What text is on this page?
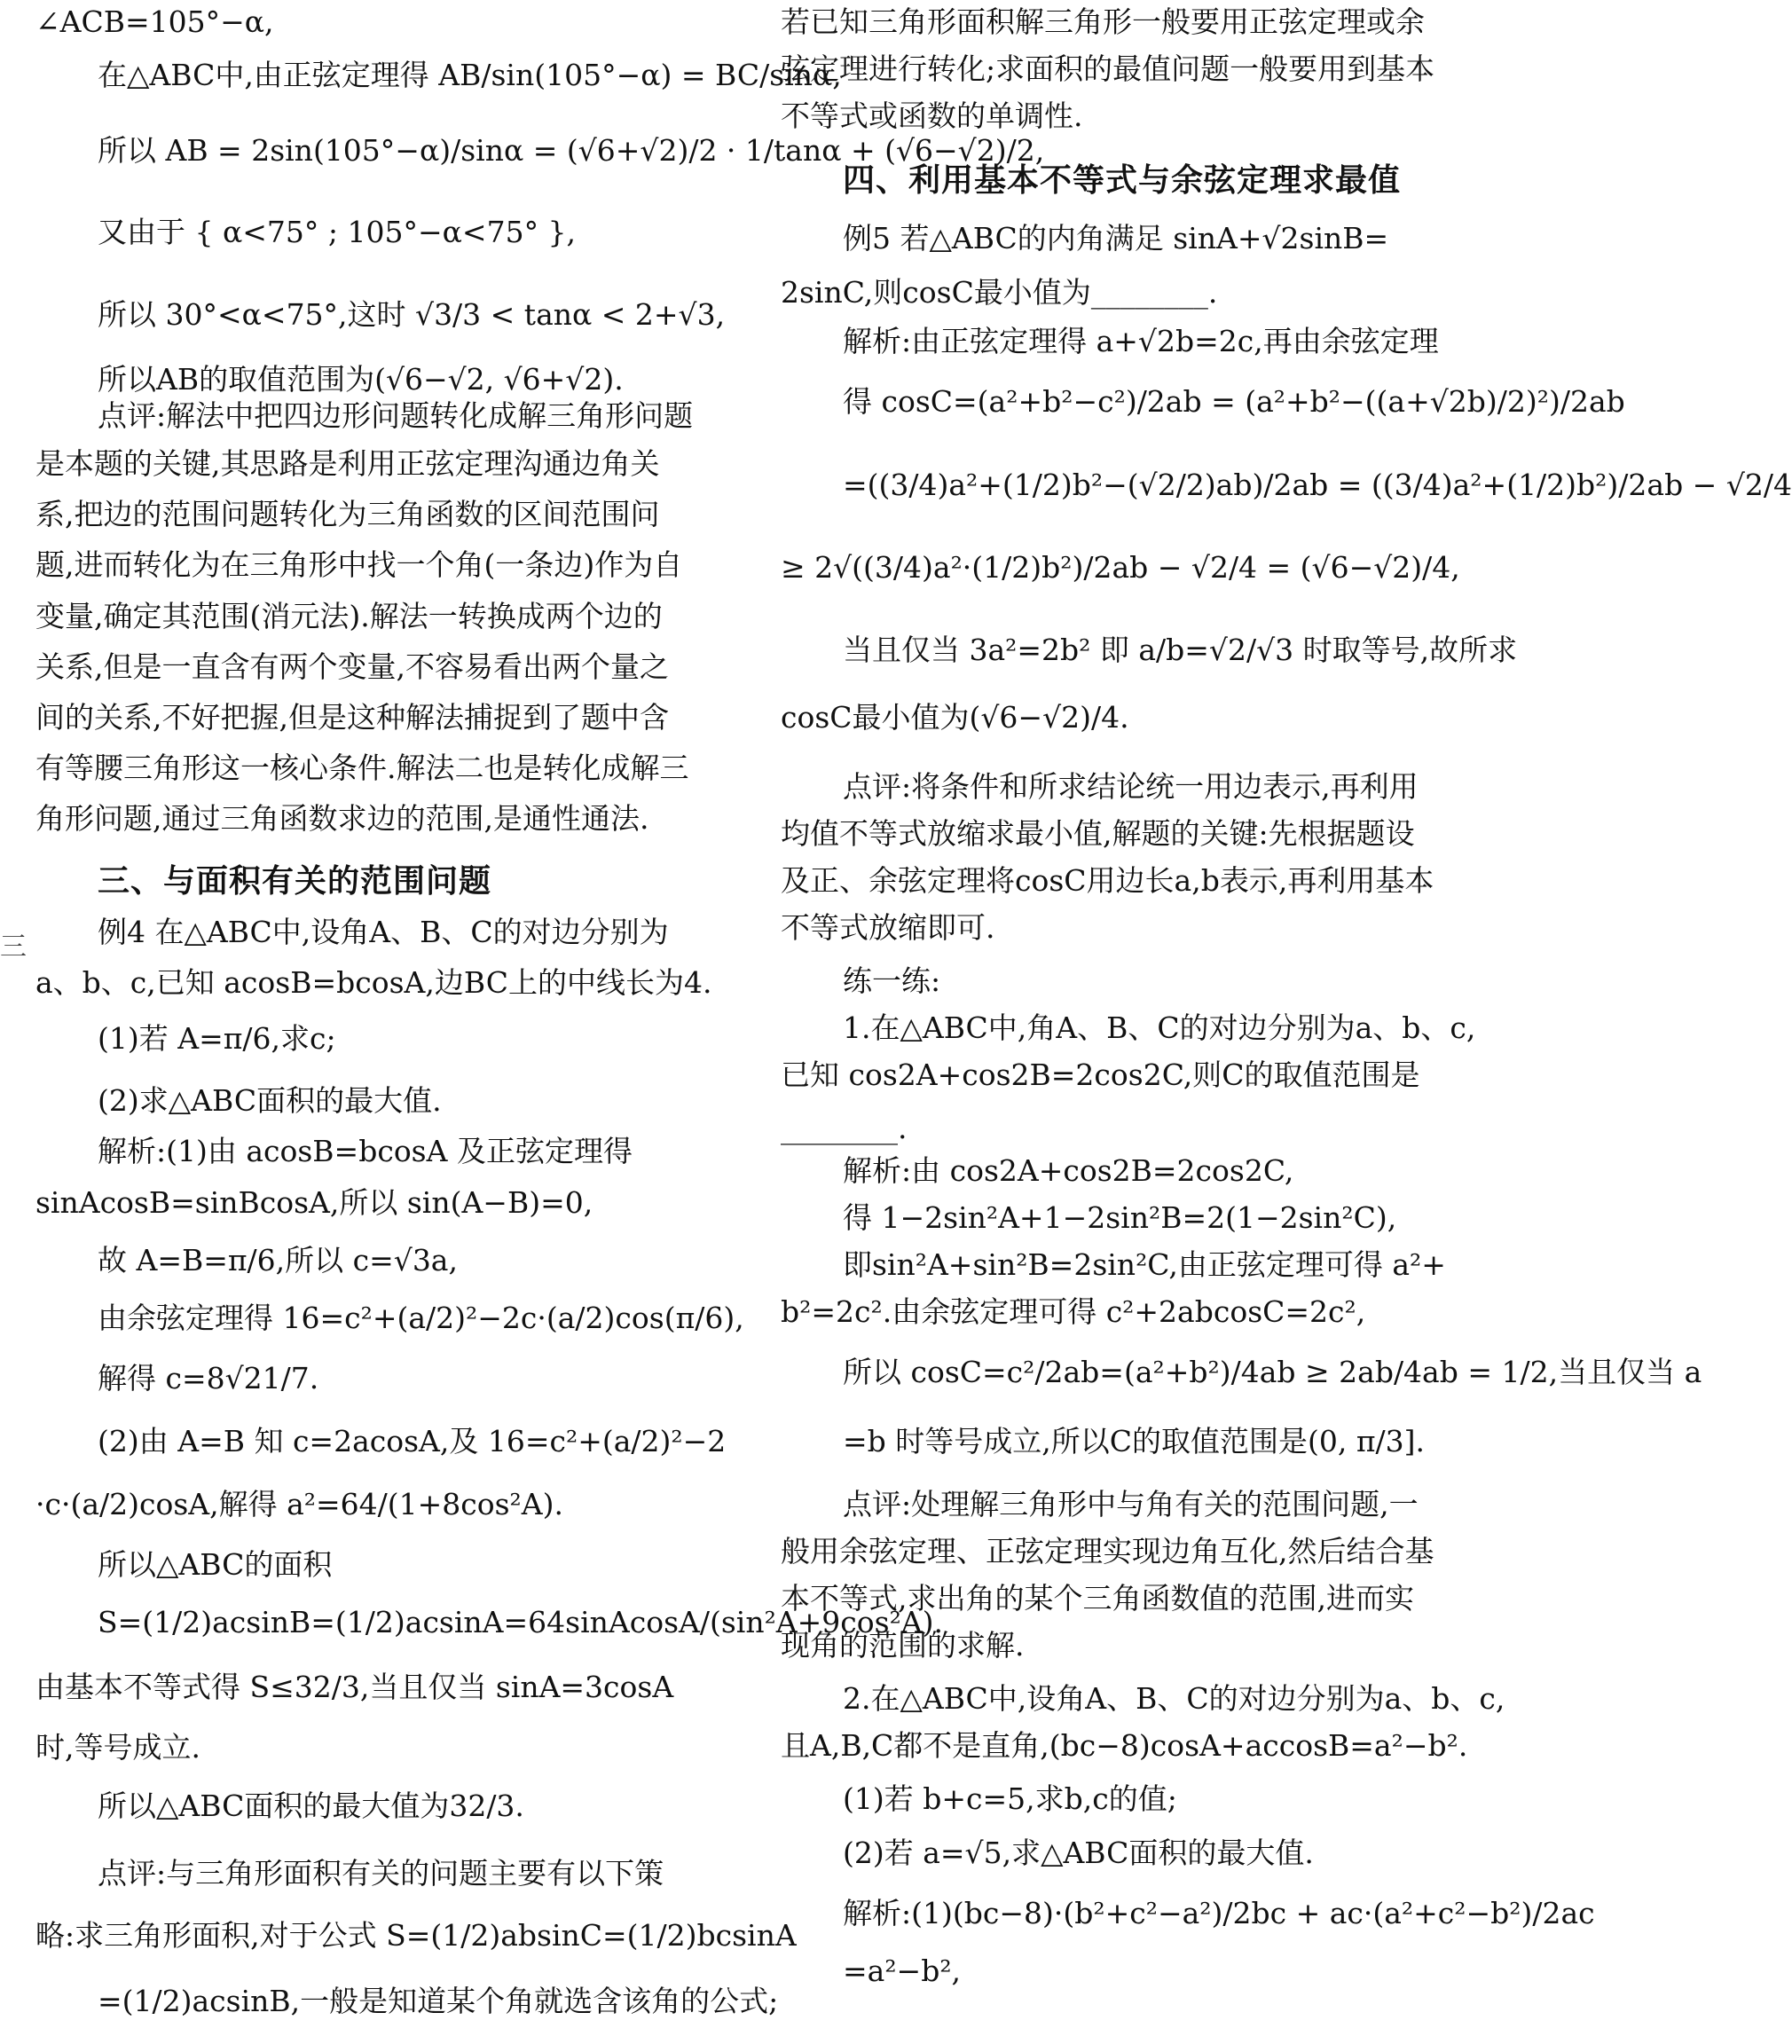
∠ACB=105°−α,
在△ABC中,由正弦定理得 AB/sin(105°−α) = BC/sinα,
所以 AB = 2sin(105°−α)/sinα = (√6+√2)/2 · 1/tanα + (√6−√2)/2,
又由于 { α<75° ; 105°−α<75° },
所以 30°<α<75°,这时 √3/3 < tanα < 2+√3,
所以AB的取值范围为(√6−√2, √6+√2).
点评:解法中把四边形问题转化成解三角形问题
是本题的关键,其思路是利用正弦定理沟通边角关
系,把边的范围问题转化为三角函数的区间范围问
题,进而转化为在三角形中找一个角(一条边)作为自
变量,确定其范围(消元法).解法一转换成两个边的
关系,但是一直含有两个变量,不容易看出两个量之
间的关系,不好把握,但是这种解法捕捉到了题中含
有等腰三角形这一核心条件.解法二也是转化成解三
角形问题,通过三角函数求边的范围,是通性通法.
三、与面积有关的范围问题
例4 在△ABC中,设角A、B、C的对边分别为
a、b、c,已知 acosB=bcosA,边BC上的中线长为4.
(1)若 A=π/6,求c;
(2)求△ABC面积的最大值.
解析:(1)由 acosB=bcosA 及正弦定理得
sinAcosB=sinBcosA,所以 sin(A−B)=0,
故 A=B=π/6,所以 c=√3a,
由余弦定理得 16=c²+(a/2)²−2c·(a/2)cos(π/6),
解得 c=8√21/7.
(2)由 A=B 知 c=2acosA,及 16=c²+(a/2)²−2
·c·(a/2)cosA,解得 a²=64/(1+8cos²A).
所以△ABC的面积
S=(1/2)acsinB=(1/2)acsinA=64sinAcosA/(sin²A+9cos²A).
由基本不等式得 S≤32/3,当且仅当 sinA=3cosA
时,等号成立.
所以△ABC面积的最大值为32/3.
点评:与三角形面积有关的问题主要有以下策
略:求三角形面积,对于公式 S=(1/2)absinC=(1/2)bcsinA
=(1/2)acsinB,一般是知道某个角就选含该角的公式;
若已知三角形面积解三角形一般要用正弦定理或余
弦定理进行转化;求面积的最值问题一般要用到基本
不等式或函数的单调性.
四、利用基本不等式与余弦定理求最值
例5 若△ABC的内角满足 sinA+√2sinB=
2sinC,则cosC最小值为________.
解析:由正弦定理得 a+√2b=2c,再由余弦定理
得 cosC=(a²+b²−c²)/2ab = (a²+b²−((a+√2b)/2)²)/2ab
=((3/4)a²+(1/2)b²−(√2/2)ab)/2ab = ((3/4)a²+(1/2)b²)/2ab − √2/4
≥ 2√((3/4)a²·(1/2)b²)/2ab − √2/4 = (√6−√2)/4,
当且仅当 3a²=2b² 即 a/b=√2/√3 时取等号,故所求
cosC最小值为(√6−√2)/4.
点评:将条件和所求结论统一用边表示,再利用
均值不等式放缩求最小值,解题的关键:先根据题设
及正、余弦定理将cosC用边长a,b表示,再利用基本
不等式放缩即可.
练一练:
1.在△ABC中,角A、B、C的对边分别为a、b、c,
已知 cos2A+cos2B=2cos2C,则C的取值范围是
________.
解析:由 cos2A+cos2B=2cos2C,
得 1−2sin²A+1−2sin²B=2(1−2sin²C),
即sin²A+sin²B=2sin²C,由正弦定理可得 a²+
b²=2c².由余弦定理可得 c²+2abcosC=2c²,
所以 cosC=c²/2ab=(a²+b²)/4ab ≥ 2ab/4ab = 1/2,当且仅当 a
=b 时等号成立,所以C的取值范围是(0, π/3].
点评:处理解三角形中与角有关的范围问题,一
般用余弦定理、正弦定理实现边角互化,然后结合基
本不等式,求出角的某个三角函数值的范围,进而实
现角的范围的求解.
2.在△ABC中,设角A、B、C的对边分别为a、b、c,
且A,B,C都不是直角,(bc−8)cosA+accosB=a²−b².
(1)若 b+c=5,求b,c的值;
(2)若 a=√5,求△ABC面积的最大值.
解析:(1)(bc−8)·(b²+c²−a²)/2bc + ac·(a²+c²−b²)/2ac
=a²−b²,
三
